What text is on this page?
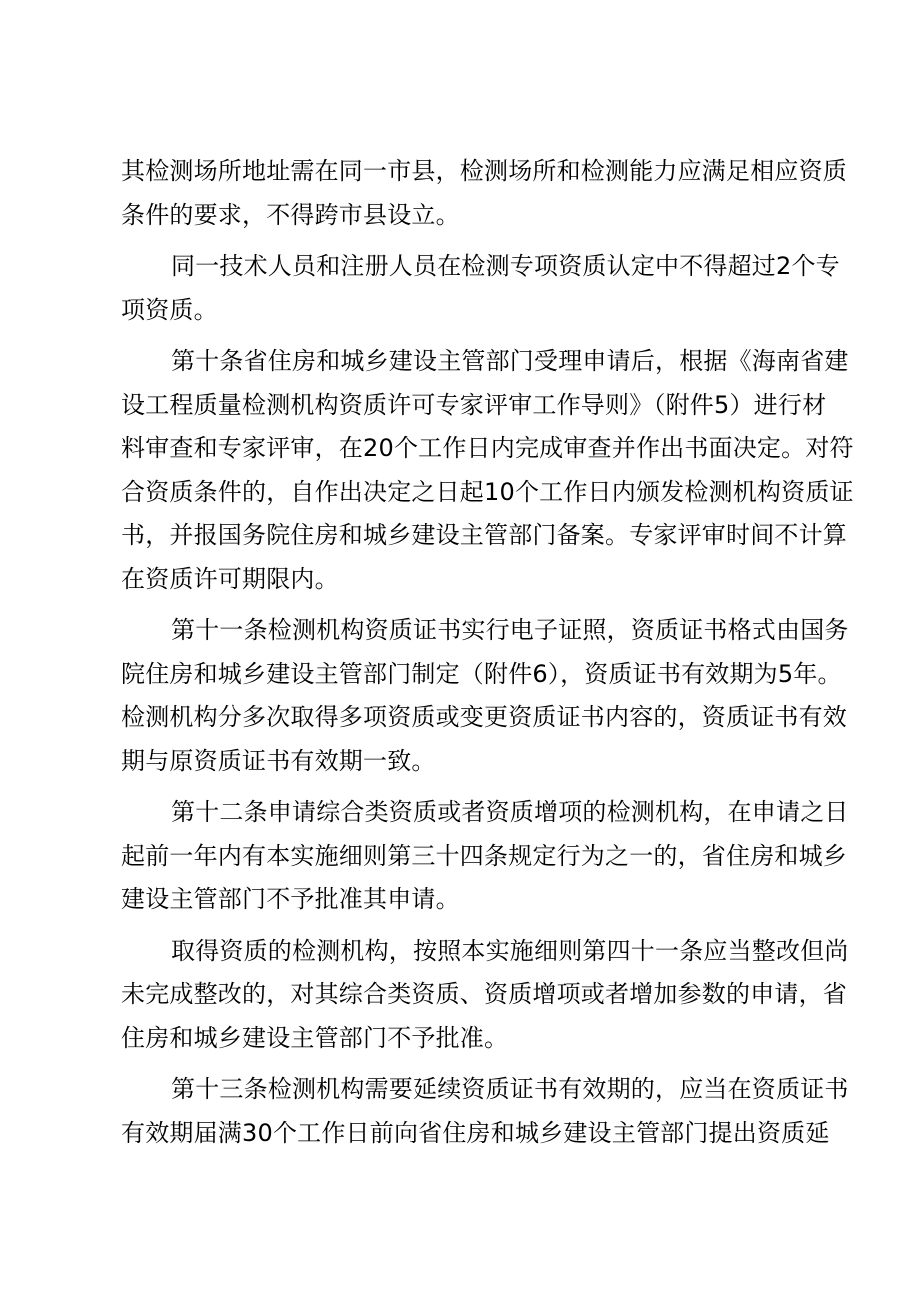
其检测场所地址需在同一市县，检测场所和检测能力应满足相应资质
条件的要求，不得跨市县设立。

同一技术人员和注册人员在检测专项资质认定中不得超过2个专
项资质。

第十条省住房和城乡建设主管部门受理申请后，根据《海南省建
设工程质量检测机构资质许可专家评审工作导则》（附件5）进行材
料审查和专家评审，在20个工作日内完成审查并作出书面决定。对符
合资质条件的，自作出决定之日起10个工作日内颁发检测机构资质证
书，并报国务院住房和城乡建设主管部门备案。专家评审时间不计算
在资质许可期限内。

第十一条检测机构资质证书实行电子证照，资质证书格式由国务
院住房和城乡建设主管部门制定（附件6），资质证书有效期为5年。
检测机构分多次取得多项资质或变更资质证书内容的，资质证书有效
期与原资质证书有效期一致。

第十二条申请综合类资质或者资质增项的检测机构，在申请之日
起前一年内有本实施细则第三十四条规定行为之一的，省住房和城乡
建设主管部门不予批准其申请。

取得资质的检测机构，按照本实施细则第四十一条应当整改但尚
未完成整改的，对其综合类资质、资质增项或者增加参数的申请，省
住房和城乡建设主管部门不予批准。

第十三条检测机构需要延续资质证书有效期的，应当在资质证书
有效期届满30个工作日前向省住房和城乡建设主管部门提出资质延
